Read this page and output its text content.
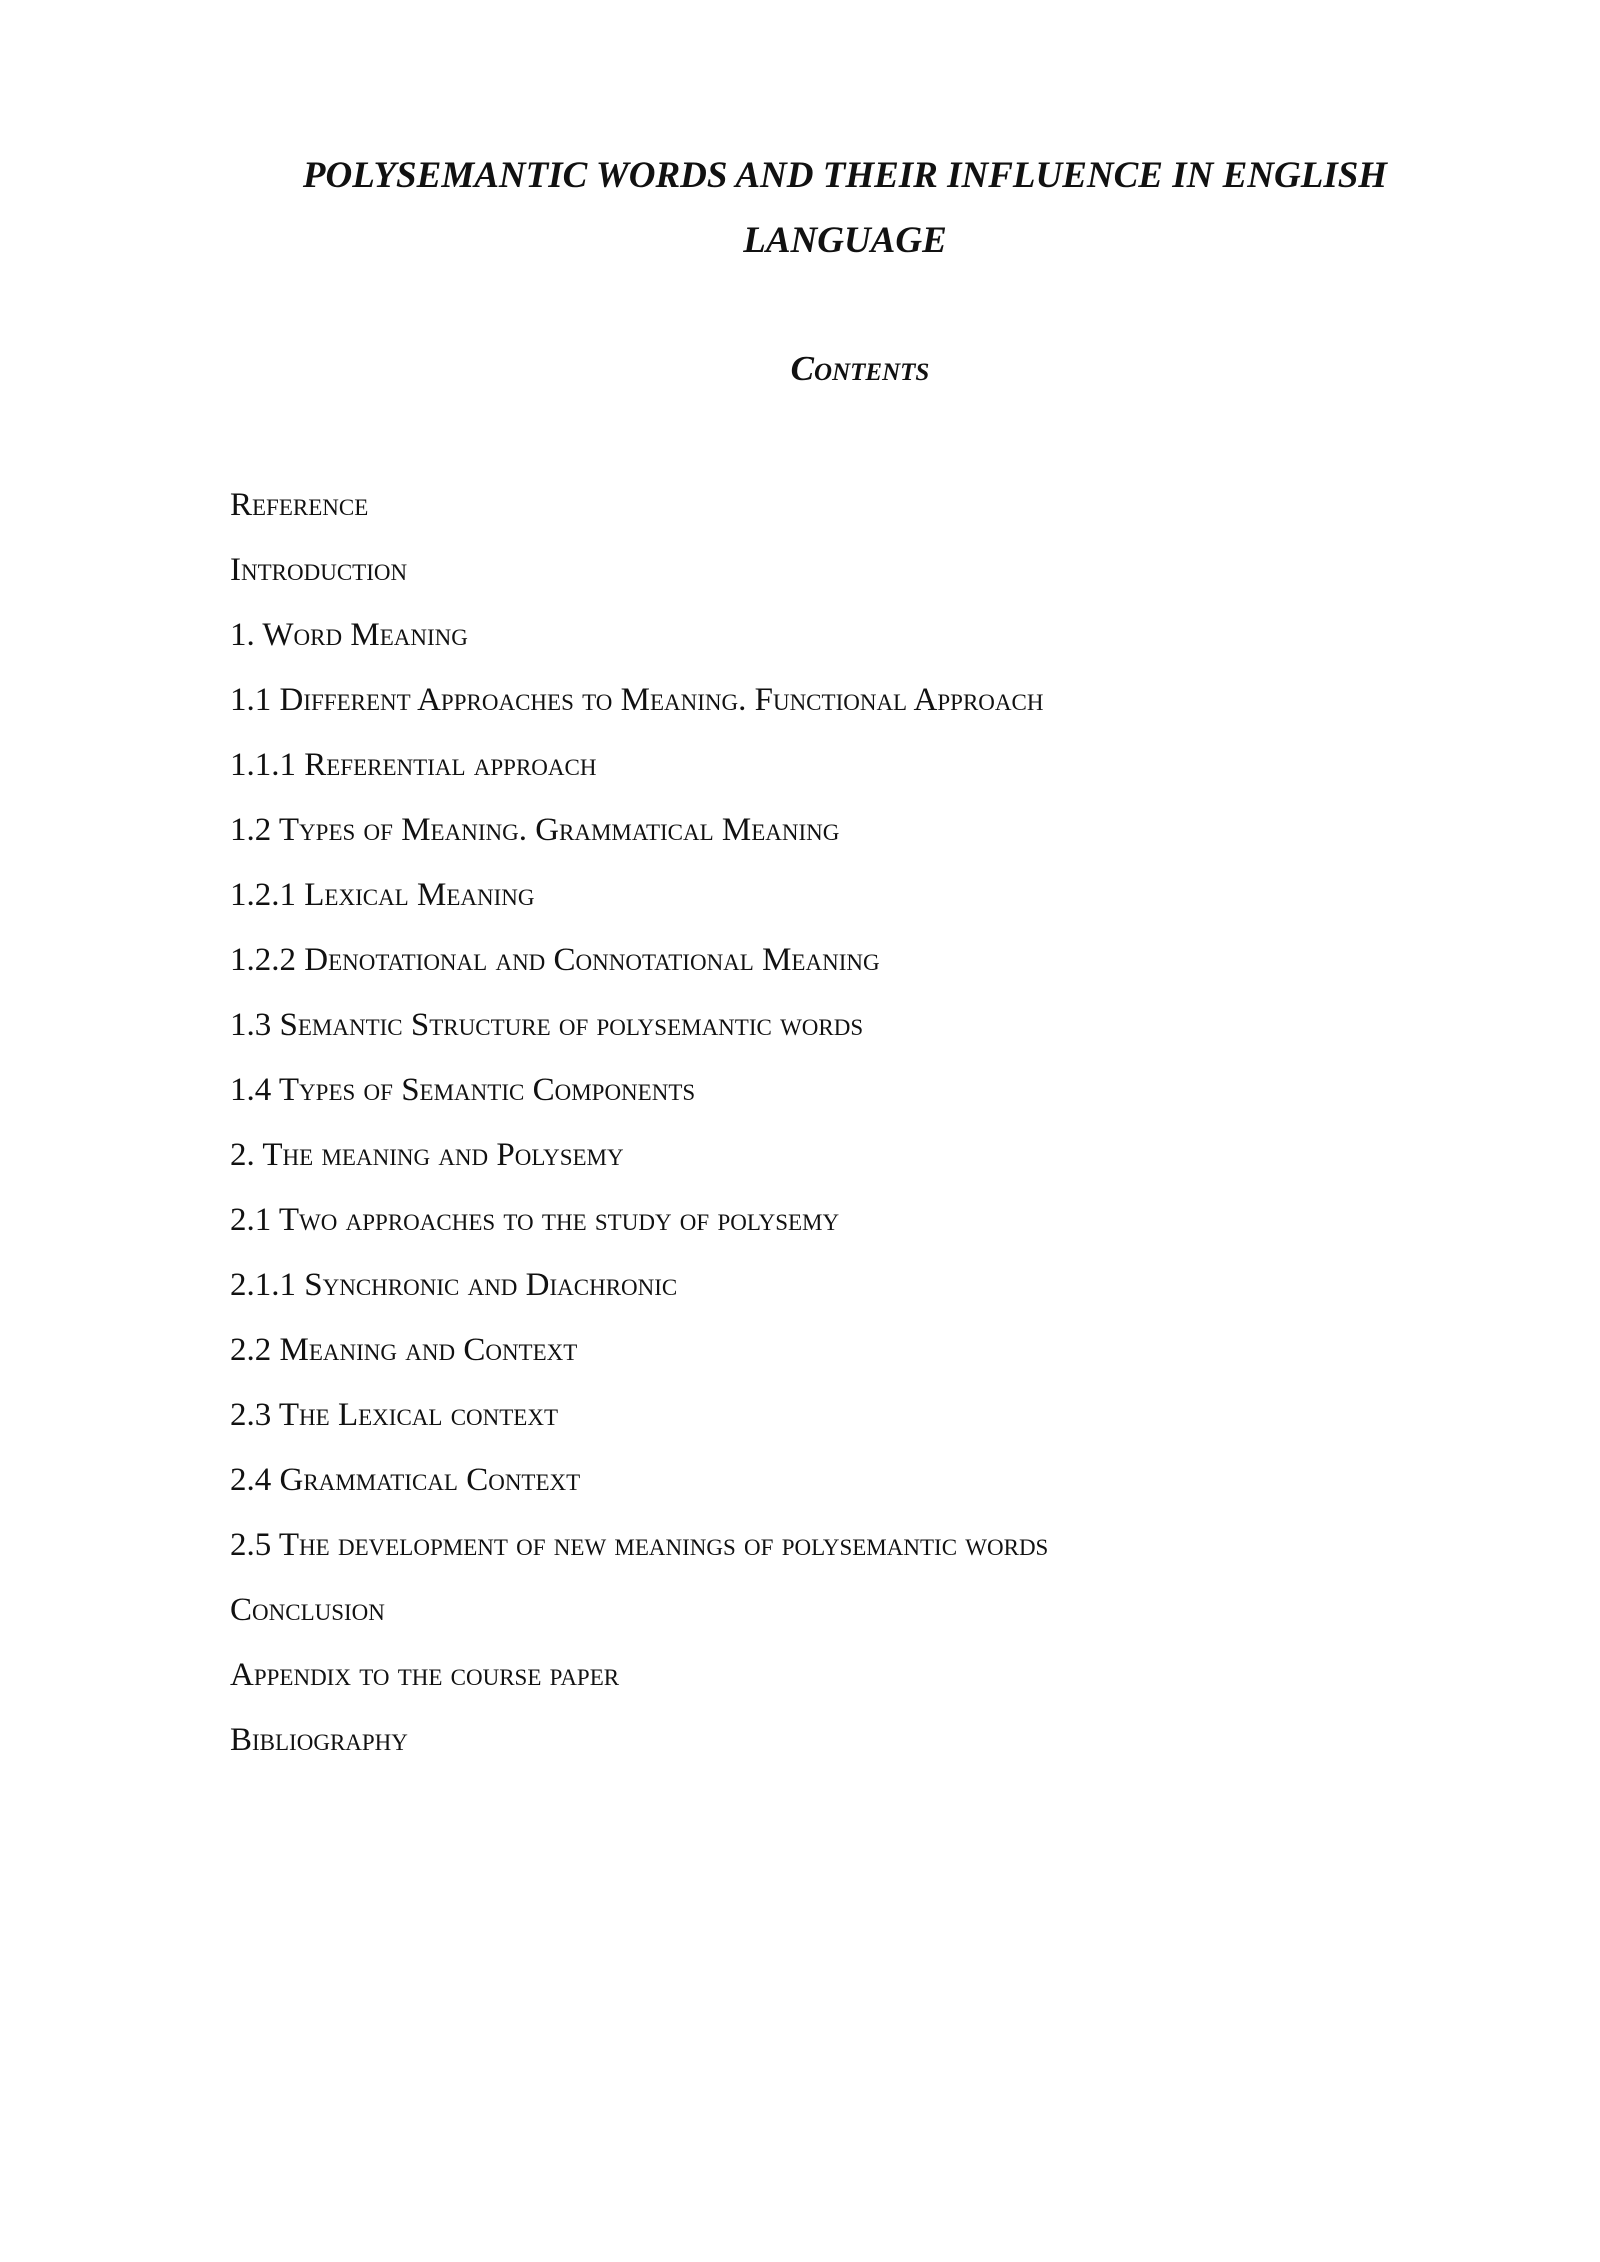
POLYSEMANTIC WORDS AND THEIR INFLUENCE IN ENGLISH LANGUAGE
Contents
Reference
Introduction
1. Word Meaning
1.1 Different Approaches to Meaning. Functional Approach
1.1.1 Referential approach
1.2 Types of Meaning. Grammatical Meaning
1.2.1 Lexical Meaning
1.2.2 Denotational and Connotational Meaning
1.3 Semantic Structure of polysemantic words
1.4 Types of Semantic Components
2. The meaning and Polysemy
2.1 Two approaches to the study of polysemy
2.1.1 Synchronic and Diachronic
2.2 Meaning and Context
2.3 The Lexical context
2.4 Grammatical Context
2.5 The development of new meanings of polysemantic words
Conclusion
Appendix to the course paper
Bibliography
